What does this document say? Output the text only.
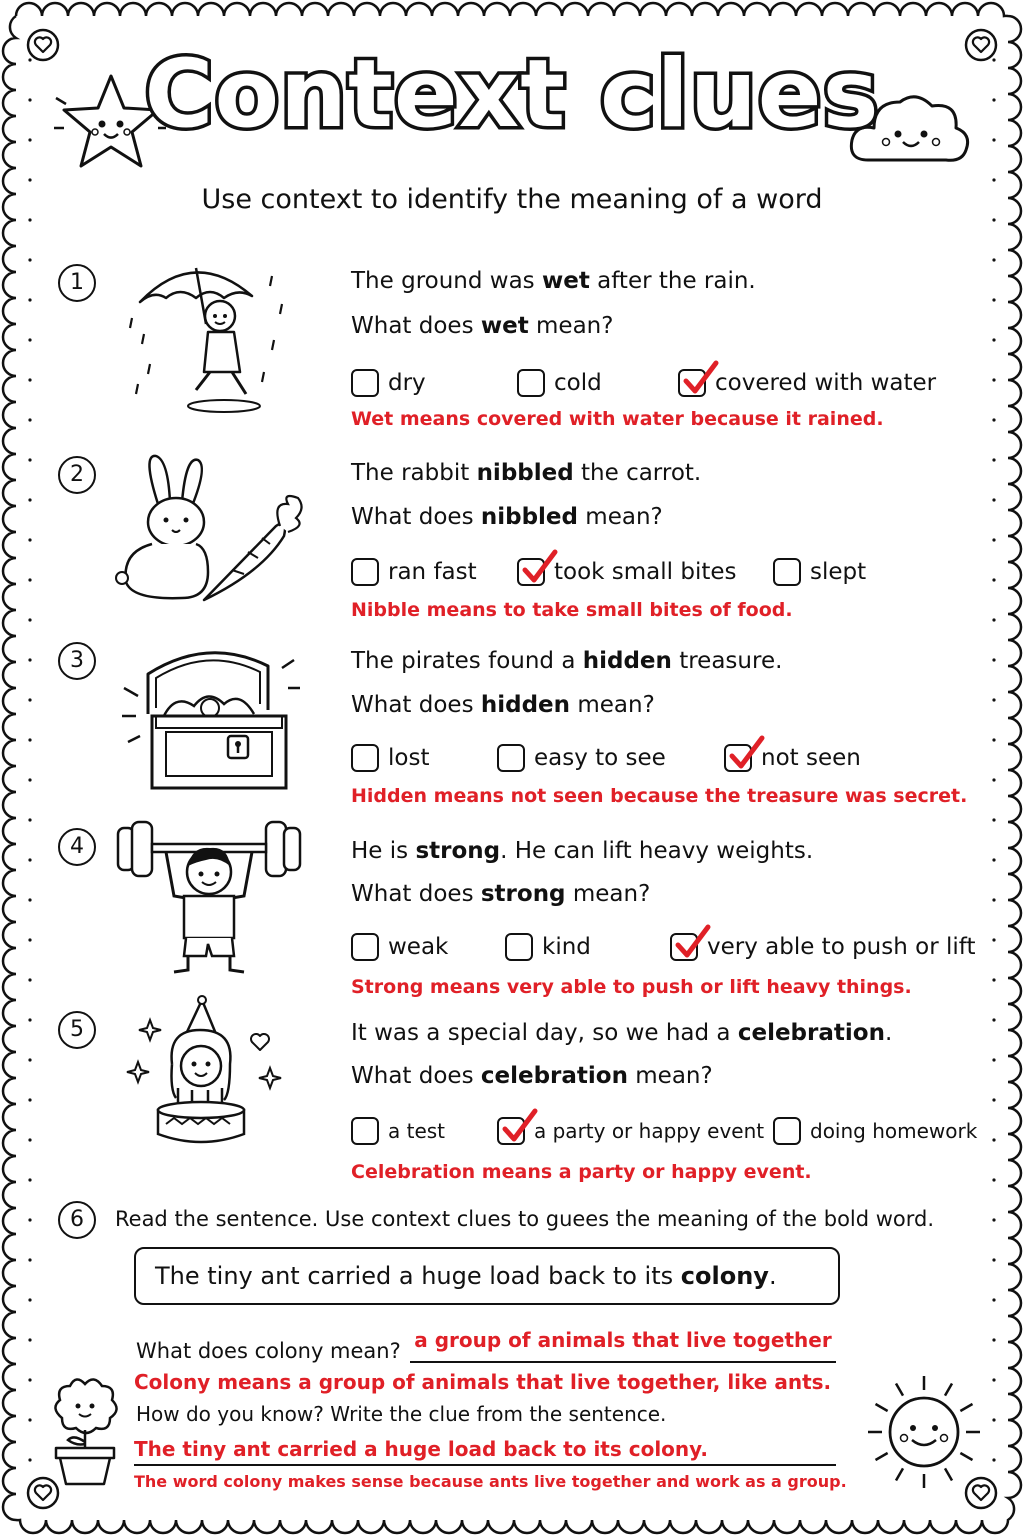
Context clues
Use context to identify the meaning of a word
1	The ground was wet after the rain.
What does wet mean?
dry	cold	covered with water
Wet means covered with water because it rained.
2	The rabbit nibbled the carrot.
What does nibbled mean?
ran fast	took small bites	slept
Nibble means to take small bites of food.
3	The pirates found a hidden treasure.
What does hidden mean?
lost	easy to see	not seen
Hidden means not seen because the treasure was secret.
4	He is strong. He can lift heavy weights.
What does strong mean?
weak	kind	very able to push or lift
Strong means very able to push or lift heavy things.
5	It was a special day, so we had a celebration.
What does celebration mean?
a test	a party or happy event doing homework
Celebration means a party or happy event.
6	Read the sentence. Use context clues to guees the meaning of the bold word.
The tiny ant carried a huge load back to its colony.
What does colony mean? a group of animals that live together
Colony means a group of animals that live together, like ants.
How do you know? Write the clue from the sentence.
The tiny ant carried a huge load back to its colony.
The word colony makes sense because ants live together and work as a group.
